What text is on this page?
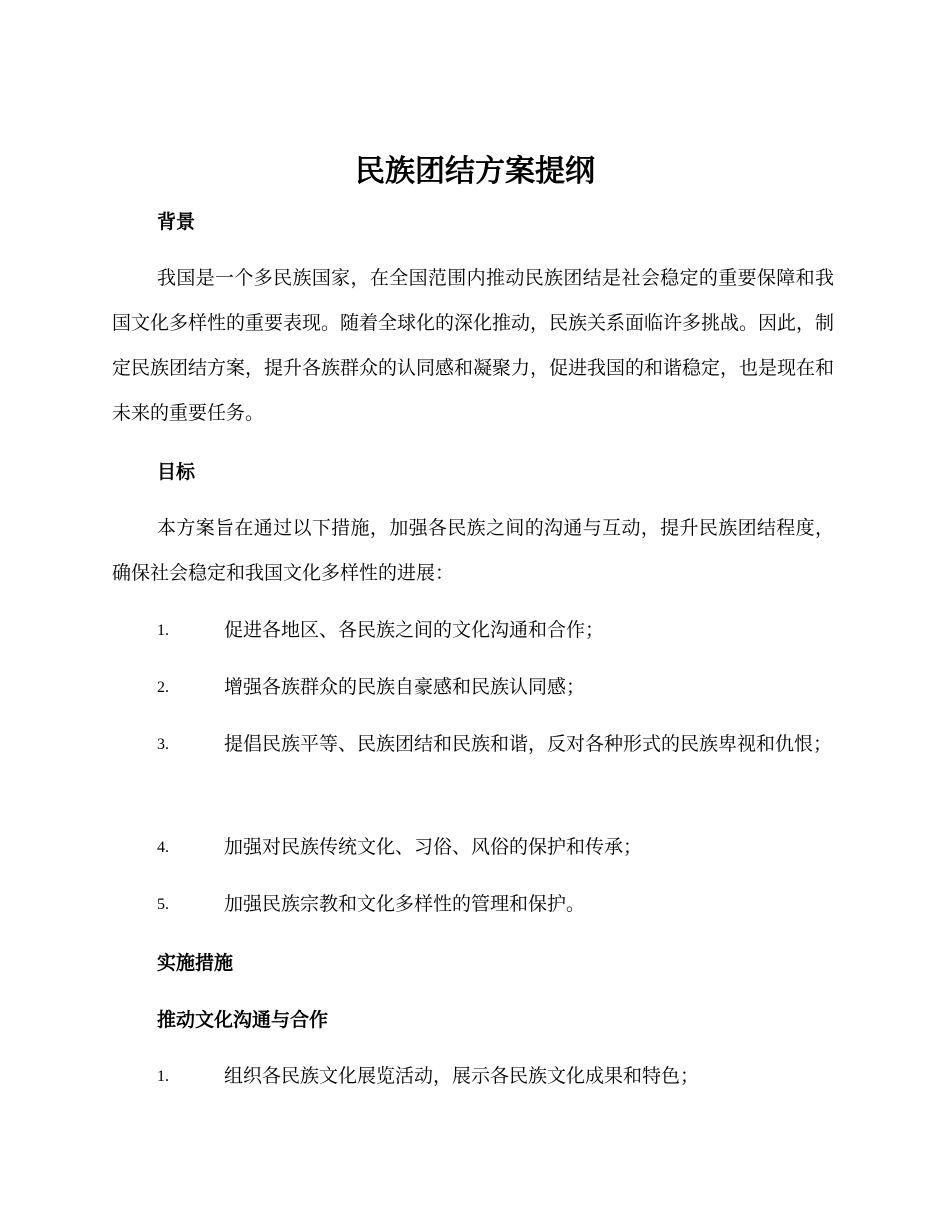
民族团结方案提纲
背景
我国是一个多民族国家，在全国范围内推动民族团结是社会稳定的重要保障和我国文化多样性的重要表现。随着全球化的深化推动，民族关系面临许多挑战。因此，制定民族团结方案，提升各族群众的认同感和凝聚力，促进我国的和谐稳定，也是现在和未来的重要任务。
目标
本方案旨在通过以下措施，加强各民族之间的沟通与互动，提升民族团结程度，确保社会稳定和我国文化多样性的进展：
1.	促进各地区、各民族之间的文化沟通和合作；
2.	增强各族群众的民族自豪感和民族认同感；
3.	提倡民族平等、民族团结和民族和谐，反对各种形式的民族卑视和仇恨；
4.	加强对民族传统文化、习俗、风俗的保护和传承；
5.	加强民族宗教和文化多样性的管理和保护。
实施措施
推动文化沟通与合作
1.	组织各民族文化展览活动，展示各民族文化成果和特色；
